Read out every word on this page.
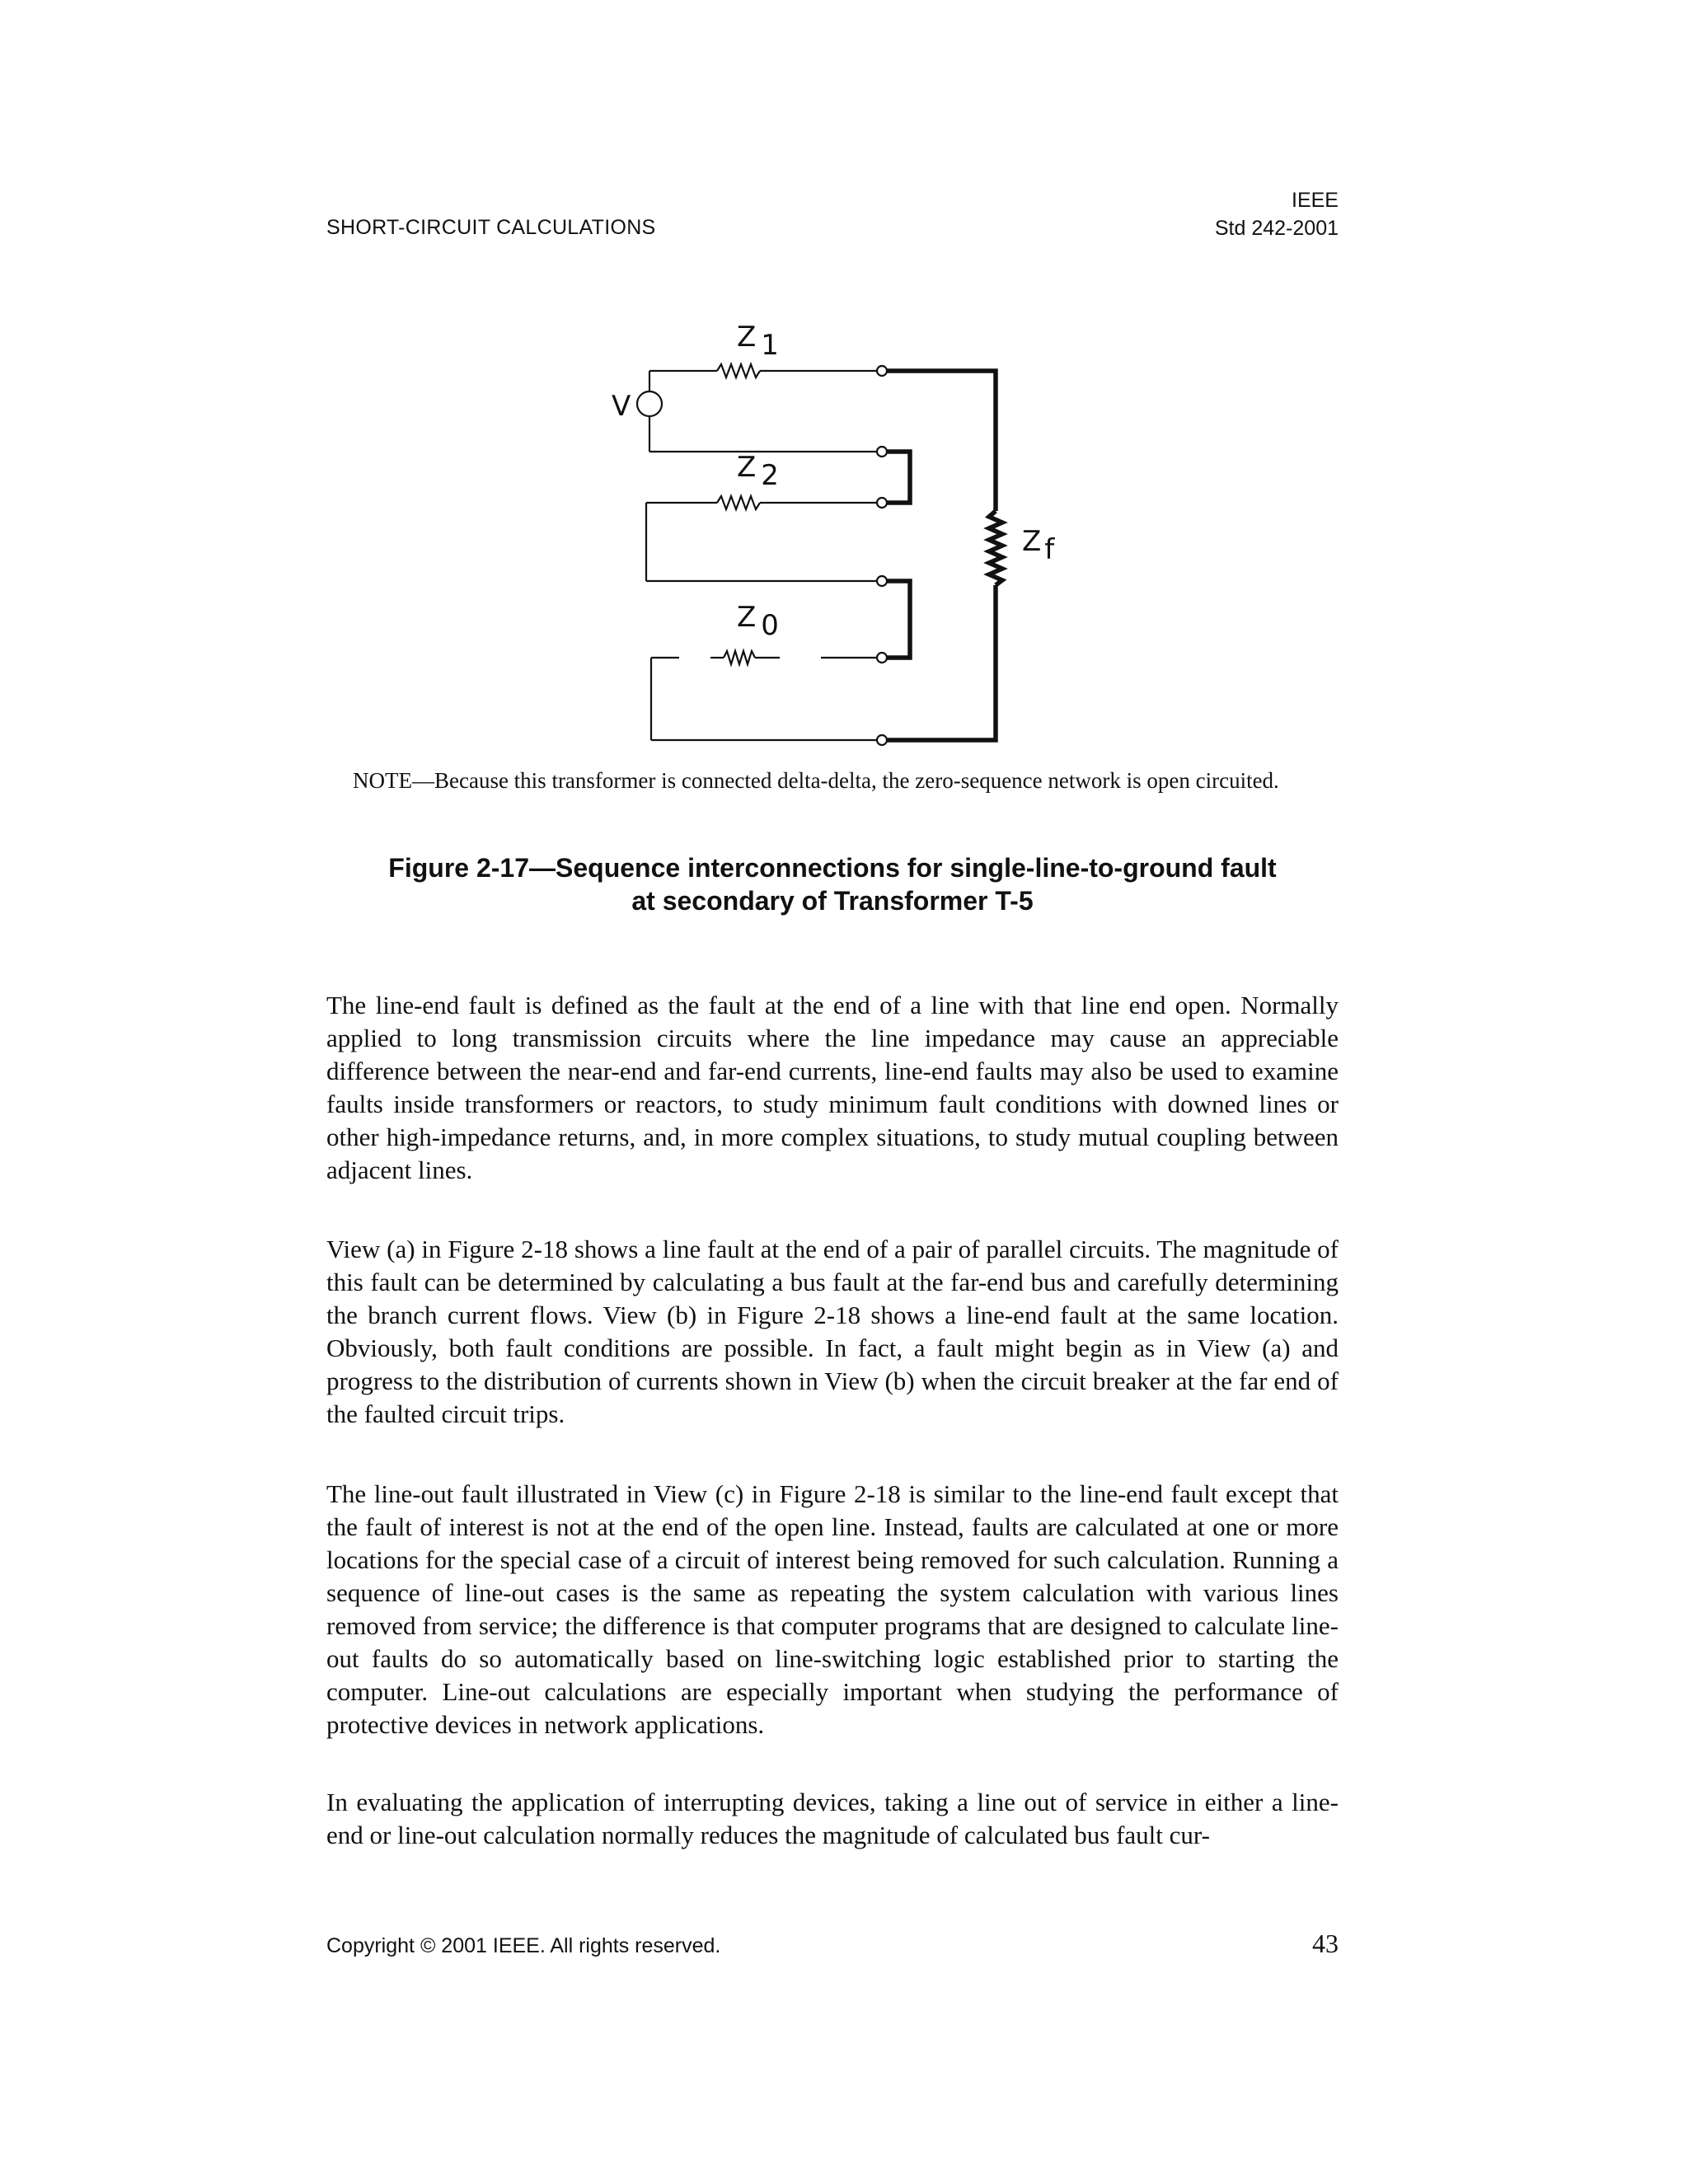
SHORT-CIRCUIT CALCULATIONS
IEEE
Std 242-2001
V
Z 1
Z 2
Z 0
Z f

NOTE—Because this transformer is connected delta-delta, the zero-sequence network is open circuited.

Figure 2-17—Sequence interconnections for single-line-to-ground fault
at secondary of Transformer T-5

The line-end fault is defined as the fault at the end of a line with that line end open. Normally applied to long transmission circuits where the line impedance may cause an appreciable difference between the near-end and far-end currents, line-end faults may also be used to examine faults inside transformers or reactors, to study minimum fault conditions with downed lines or other high-impedance returns, and, in more complex situations, to study mutual coupling between adjacent lines.

View (a) in Figure 2-18 shows a line fault at the end of a pair of parallel circuits. The magnitude of this fault can be determined by calculating a bus fault at the far-end bus and carefully determining the branch current flows. View (b) in Figure 2-18 shows a line-end fault at the same location. Obviously, both fault conditions are possible. In fact, a fault might begin as in View (a) and progress to the distribution of currents shown in View (b) when the circuit breaker at the far end of the faulted circuit trips.

The line-out fault illustrated in View (c) in Figure 2-18 is similar to the line-end fault except that the fault of interest is not at the end of the open line. Instead, faults are calculated at one or more locations for the special case of a circuit of interest being removed for such calculation. Running a sequence of line-out cases is the same as repeating the system calculation with various lines removed from service; the difference is that computer programs that are designed to calculate line-out faults do so automatically based on line-switching logic established prior to starting the computer. Line-out calculations are especially important when studying the performance of protective devices in network applications.

In evaluating the application of interrupting devices, taking a line out of service in either a line-end or line-out calculation normally reduces the magnitude of calculated bus fault cur-

Copyright © 2001 IEEE. All rights reserved.	43
